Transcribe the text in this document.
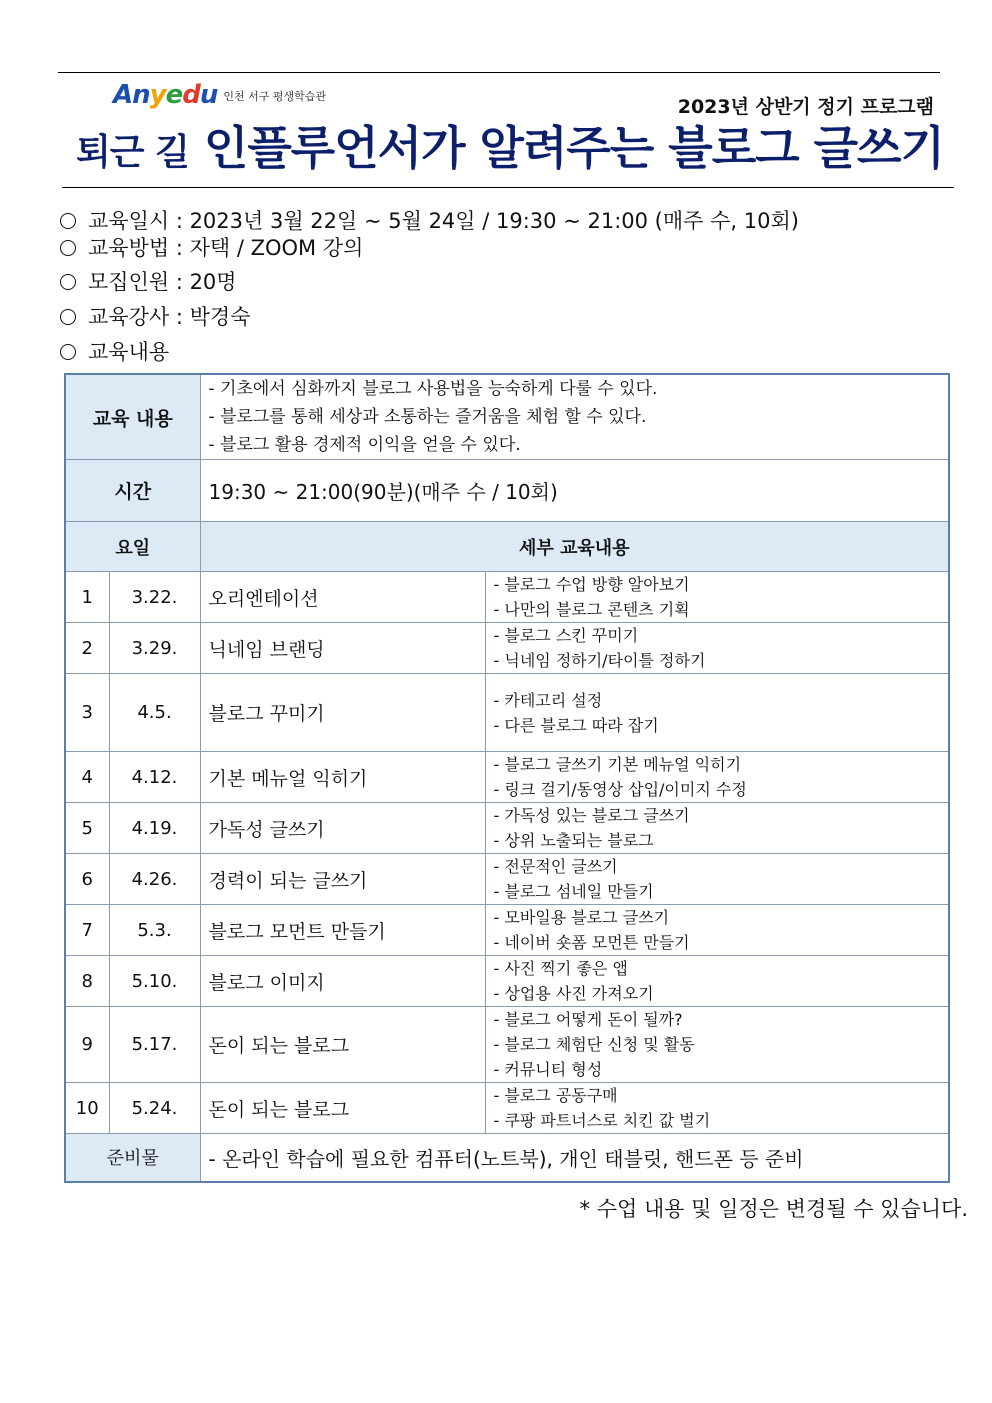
Anyedu 인천 서구 평생학습관	2023년 상반기 정기 프로그램
퇴근 길 인플루언서가 알려주는 블로그 글쓰기
교육일시 : 2023년 3월 22일 ~ 5월 24일 / 19:30 ~ 21:00 (매주 수, 10회)
교육방법 : 자택 / ZOOM 강의
모집인원 : 20명
교육강사 : 박경숙
교육내용
교육 내용		- 기초에서 심화까지 블로그 사용법을 능숙하게 다룰 수 있다.
- 블로그를 통해 세상과 소통하는 즐거움을 체험 할 수 있다.
- 블로그 활용 경제적 이익을 얻을 수 있다.	

시간		19:30 ~ 21:00(90분)(매주 수 / 10회)	
요일		세부 교육내용	
1	3.22.	오리엔테이션	- 블로그 수업 방향 알아보기
- 나만의 블로그 콘텐츠 기획

2	3.29.	닉네임 브랜딩	- 블로그 스킨 꾸미기
- 닉네임 정하기/타이틀 정하기

3	4.5.	블로그 꾸미기	- 카테고리 설정
- 다른 블로그 따라 잡기

4	4.12.	기본 메뉴얼 익히기	- 블로그 글쓰기 기본 메뉴얼 익히기
- 링크 걸기/동영상 삽입/이미지 수정

5	4.19.	가독성 글쓰기	- 가독성 있는 블로그 글쓰기
- 상위 노출되는 블로그

6	4.26.	경력이 되는 글쓰기	- 전문적인 글쓰기
- 블로그 섬네일 만들기

7	5.3.	블로그 모먼트 만들기	- 모바일용 블로그 글쓰기
- 네이버 숏폼 모먼튼 만들기

8	5.10.	블로그 이미지	- 사진 찍기 좋은 앱
- 상업용 사진 가져오기

9	5.17.	돈이 되는 블로그	- 블로그 어떻게 돈이 될까?
- 블로그 체험단 신청 및 활동
- 커뮤니티 형성

10	5.24.	돈이 되는 블로그	- 블로그 공동구매
- 쿠팡 파트너스로 치킨 값 벌기

준비물		- 온라인 학습에 필요한 컴퓨터(노트북), 개인 태블릿, 핸드폰 등 준비	
* 수업 내용 및 일정은 변경될 수 있습니다.
